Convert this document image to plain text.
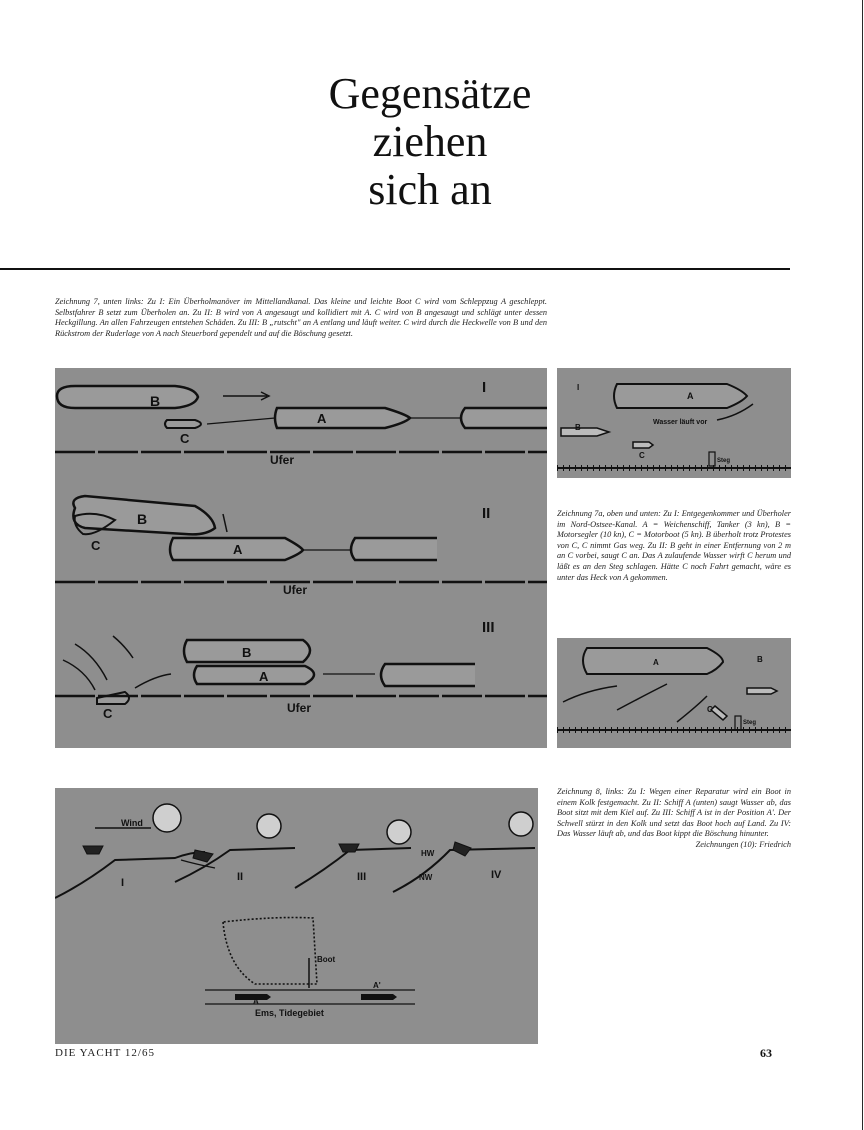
Gegensätze
ziehen
sich an

Zeichnung 7, unten links: Zu I: Ein Überholmanöver im Mittellandkanal. Das kleine und leichte Boot C wird vom Schleppzug A geschleppt. Selbstfahrer B setzt zum Überholen an. Zu II: B wird von A angesaugt und kollidiert mit A. C wird von B angesaugt und schlägt unter dessen Heckgillung. An allen Fahrzeugen entstehen Schäden. Zu III: B „rutscht" an A entlang und läuft weiter. C wird durch die Heckwelle von B und den Rückstrom der Ruderlage von A nach Steuerbord gependelt und auf die Böschung gesetzt.

B
A
C
Ufer
I
B
A
C
Ufer
II
B
A
C	Ufer
III
I
A
B
C
Wasser läuft vor
Steg

Zeichnung 7a, oben und unten: Zu I: Entgegenkommer und Überholer im Nord-Ostsee-Kanal. A = Weichenschiff, Tanker (3 kn), B = Motorsegler (10 kn), C = Motorboot (5 kn). B überholt trotz Protestes von C, C nimmt Gas weg. Zu II: B geht in einer Entfernung von 2 m an C vorbei, saugt C an. Das A zulaufende Wasser wirft C herum und läßt es an den Steg schlagen. Hätte C noch Fahrt gemacht, wäre es unter das Heck von A gekommen.

A	B
C
Steg
Wind
I	II	III	IV
HW
NW
Boot
A
A'
Ems, Tidegebiet
Zeichnung 8, links: Zu I: Wegen einer Reparatur wird ein Boot in einem Kolk festgemacht. Zu II: Schiff A (unten) saugt Wasser ab, das Boot sitzt mit dem Kiel auf. Zu III: Schiff A ist in der Position A'. Der Schwell stürzt in den Kolk und setzt das Boot hoch auf Land. Zu IV: Das Wasser läuft ab, und das Boot kippt die Böschung hinunter.
Zeichnungen (10): Friedrich
DIE YACHT 12/65	63
